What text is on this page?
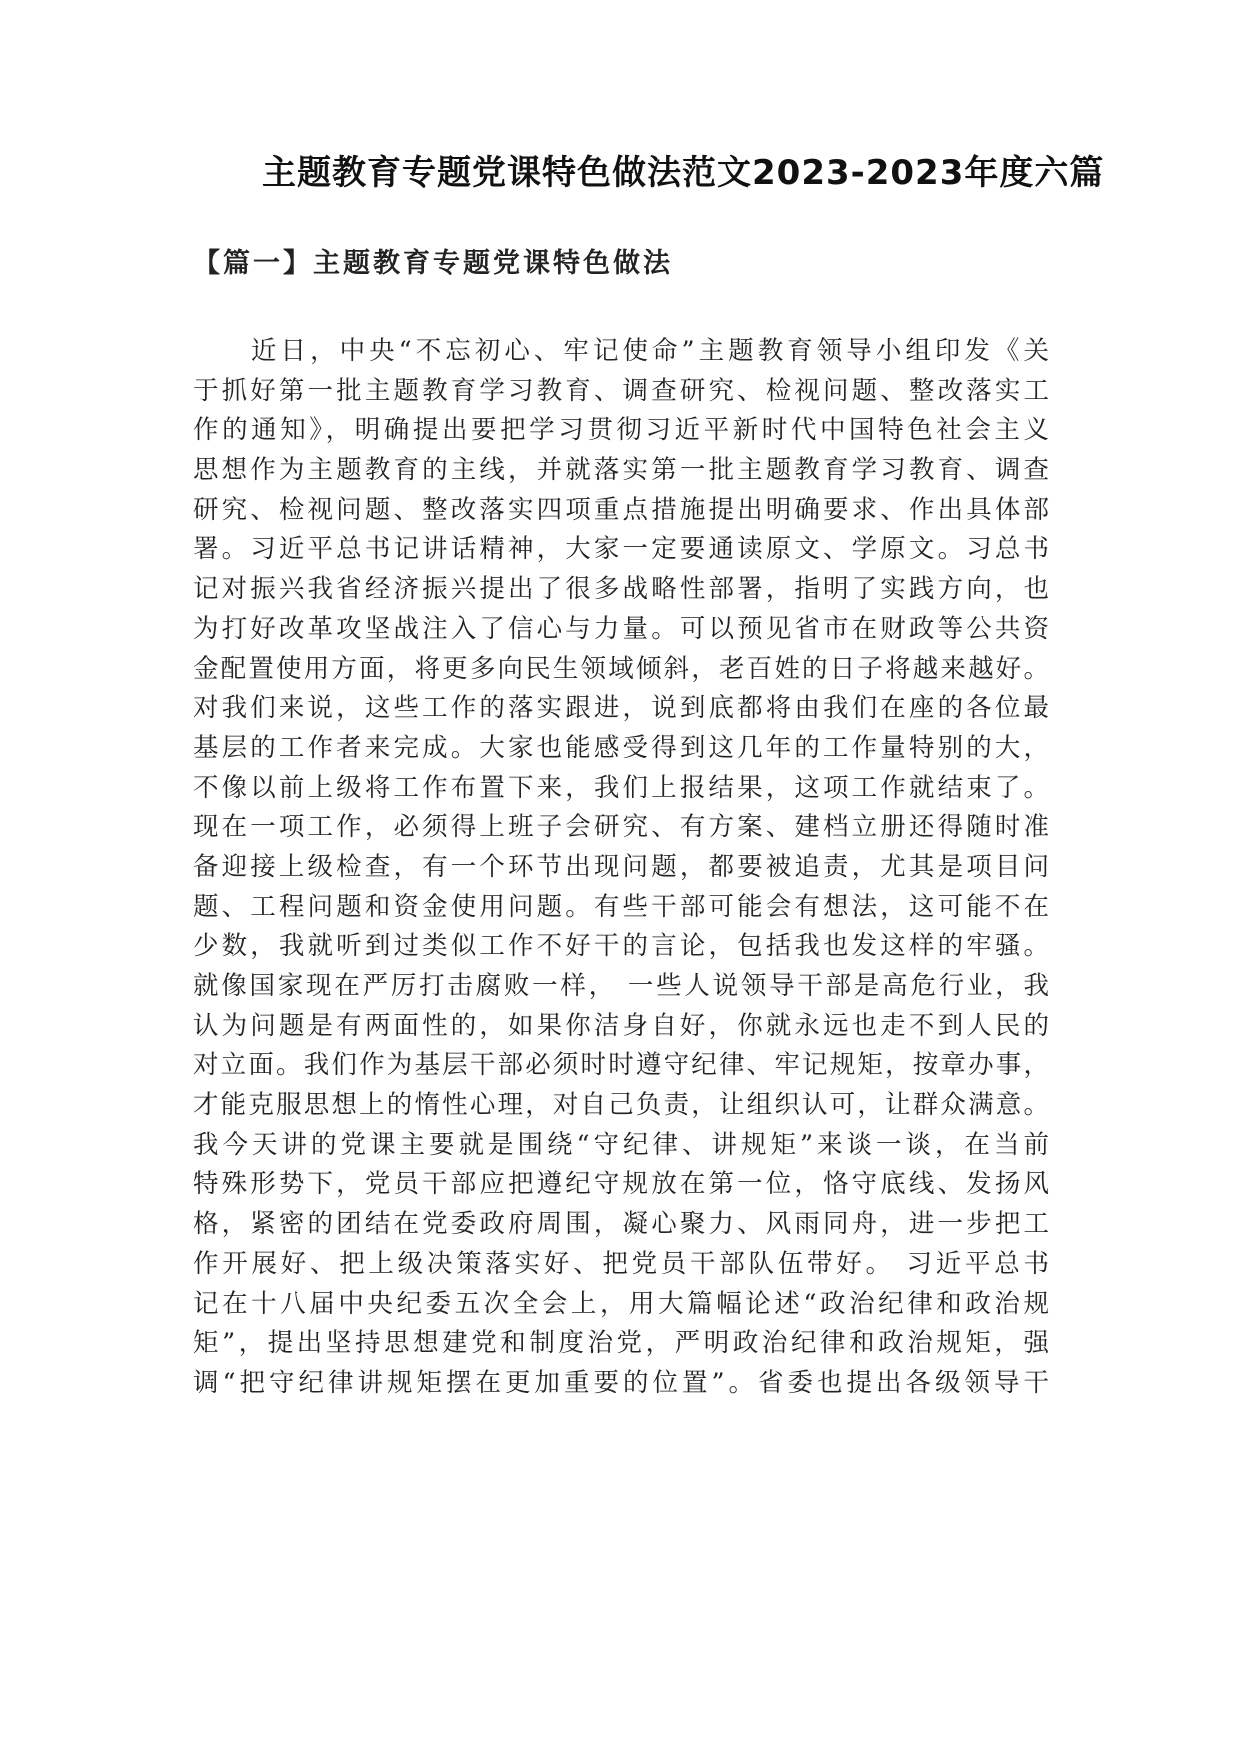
主题教育专题党课特色做法范文2023-2023年度六篇
【篇一】主题教育专题党课特色做法
近日，中央“不忘初心、牢记使命”主题教育领导小组印发《关
于抓好第一批主题教育学习教育、调查研究、检视问题、整改落实工
作的通知》，明确提出要把学习贯彻习近平新时代中国特色社会主义
思想作为主题教育的主线，并就落实第一批主题教育学习教育、调查
研究、检视问题、整改落实四项重点措施提出明确要求、作出具体部
署。习近平总书记讲话精神，大家一定要通读原文、学原文。习总书
记对振兴我省经济振兴提出了很多战略性部署，指明了实践方向，也
为打好改革攻坚战注入了信心与力量。可以预见省市在财政等公共资
金配置使用方面，将更多向民生领域倾斜，老百姓的日子将越来越好。
对我们来说，这些工作的落实跟进，说到底都将由我们在座的各位最
基层的工作者来完成。大家也能感受得到这几年的工作量特别的大，
不像以前上级将工作布置下来，我们上报结果，这项工作就结束了。
现在一项工作，必须得上班子会研究、有方案、建档立册还得随时准
备迎接上级检查，有一个环节出现问题，都要被追责，尤其是项目问
题、工程问题和资金使用问题。有些干部可能会有想法，这可能不在
少数，我就听到过类似工作不好干的言论，包括我也发这样的牢骚。
就像国家现在严厉打击腐败一样， 一些人说领导干部是高危行业，我
认为问题是有两面性的，如果你洁身自好，你就永远也走不到人民的
对立面。我们作为基层干部必须时时遵守纪律、牢记规矩，按章办事，
才能克服思想上的惰性心理，对自己负责，让组织认可，让群众满意。
我今天讲的党课主要就是围绕“守纪律、讲规矩”来谈一谈，在当前
特殊形势下，党员干部应把遵纪守规放在第一位，恪守底线、发扬风
格，紧密的团结在党委政府周围，凝心聚力、风雨同舟，进一步把工
作开展好、把上级决策落实好、把党员干部队伍带好。 习近平总书
记在十八届中央纪委五次全会上，用大篇幅论述“政治纪律和政治规
矩”，提出坚持思想建党和制度治党，严明政治纪律和政治规矩，强
调“把守纪律讲规矩摆在更加重要的位置”。省委也提出各级领导干
